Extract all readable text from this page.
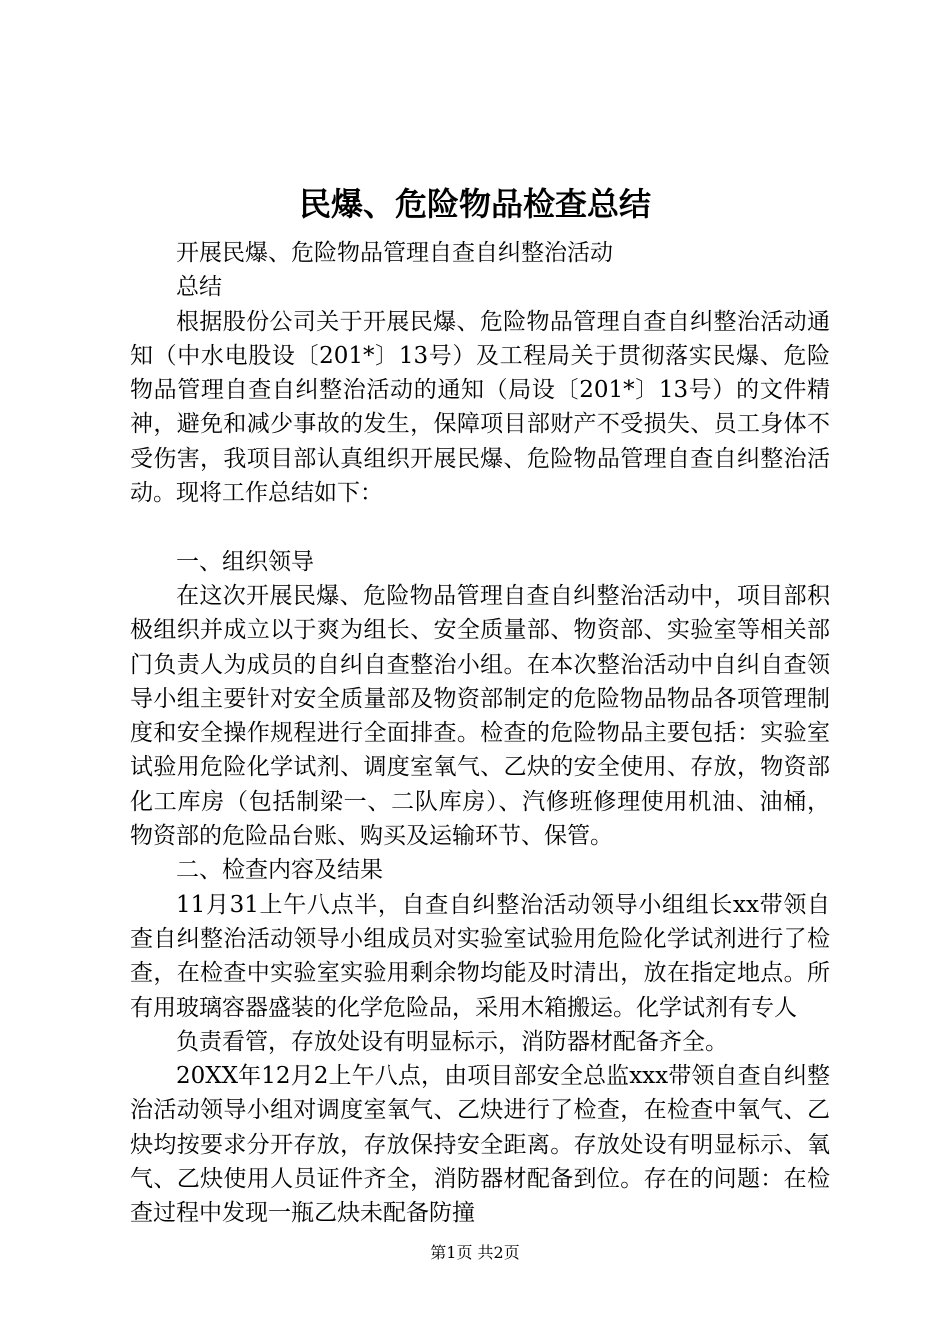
民爆、危险物品检查总结

开展民爆、危险物品管理自查自纠整治活动

总结

根据股份公司关于开展民爆、危险物品管理自查自纠整治活动通知（中水电股设〔201*〕13号）及工程局关于贯彻落实民爆、危险物品管理自查自纠整治活动的通知（局设〔201*〕13号）的文件精神，避免和减少事故的发生，保障项目部财产不受损失、员工身体不受伤害，我项目部认真组织开展民爆、危险物品管理自查自纠整治活动。现将工作总结如下：

一、组织领导

在这次开展民爆、危险物品管理自查自纠整治活动中，项目部积极组织并成立以于爽为组长、安全质量部、物资部、实验室等相关部门负责人为成员的自纠自查整治小组。在本次整治活动中自纠自查领导小组主要针对安全质量部及物资部制定的危险物品物品各项管理制度和安全操作规程进行全面排查。检查的危险物品主要包括：实验室试验用危险化学试剂、调度室氧气、乙炔的安全使用、存放，物资部化工库房（包括制梁一、二队库房）、汽修班修理使用机油、油桶，物资部的危险品台账、购买及运输环节、保管。

二、检查内容及结果

11月31上午八点半，自查自纠整治活动领导小组组长xx带领自查自纠整治活动领导小组成员对实验室试验用危险化学试剂进行了检查，在检查中实验室实验用剩余物均能及时清出，放在指定地点。所有用玻璃容器盛装的化学危险品，采用木箱搬运。化学试剂有专人

负责看管，存放处设有明显标示，消防器材配备齐全。

20XX年12月2上午八点，由项目部安全总监xxx带领自查自纠整治活动领导小组对调度室氧气、乙炔进行了检查，在检查中氧气、乙炔均按要求分开存放，存放保持安全距离。存放处设有明显标示、氧气、乙炔使用人员证件齐全，消防器材配备到位。存在的问题：在检查过程中发现一瓶乙炔未配备防撞

第1页 共2页
